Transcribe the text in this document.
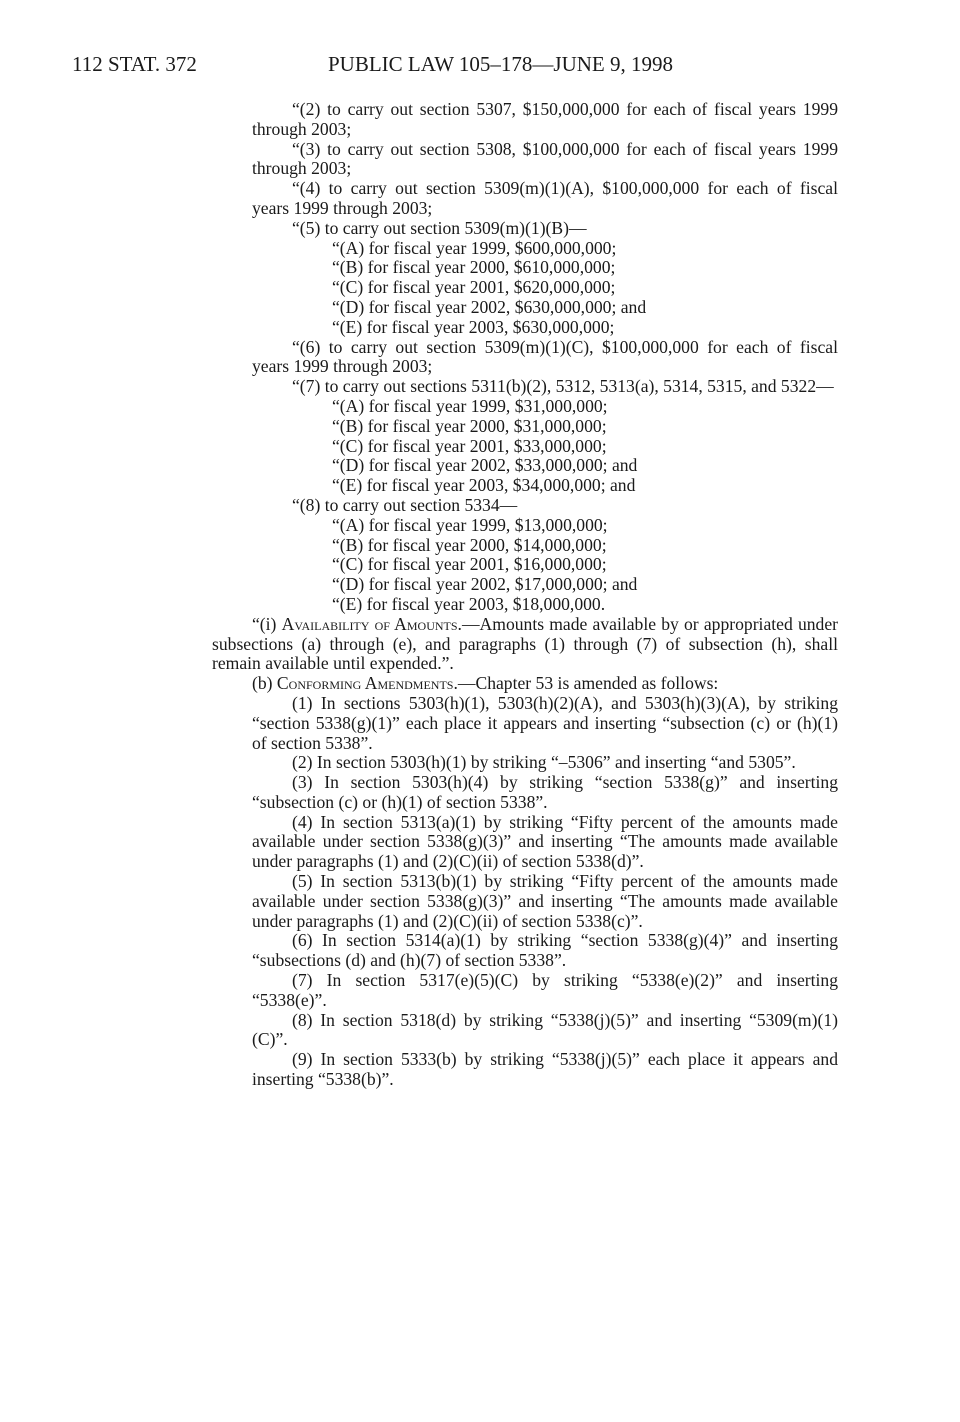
112 STAT. 372	PUBLIC LAW 105–178—JUNE 9, 1998

“(2) to carry out section 5307, $150,000,000 for each of fiscal years 1999 through 2003;

“(3) to carry out section 5308, $100,000,000 for each of fiscal years 1999 through 2003;

“(4) to carry out section 5309(m)(1)(A), $100,000,000 for each of fiscal years 1999 through 2003;

“(5) to carry out section 5309(m)(1)(B)—

“(A) for fiscal year 1999, $600,000,000;

“(B) for fiscal year 2000, $610,000,000;

“(C) for fiscal year 2001, $620,000,000;

“(D) for fiscal year 2002, $630,000,000; and

“(E) for fiscal year 2003, $630,000,000;

“(6) to carry out section 5309(m)(1)(C), $100,000,000 for each of fiscal years 1999 through 2003;

“(7) to carry out sections 5311(b)(2), 5312, 5313(a), 5314, 5315, and 5322—

“(A) for fiscal year 1999, $31,000,000;

“(B) for fiscal year 2000, $31,000,000;

“(C) for fiscal year 2001, $33,000,000;

“(D) for fiscal year 2002, $33,000,000; and

“(E) for fiscal year 2003, $34,000,000; and

“(8) to carry out section 5334—

“(A) for fiscal year 1999, $13,000,000;

“(B) for fiscal year 2000, $14,000,000;

“(C) for fiscal year 2001, $16,000,000;

“(D) for fiscal year 2002, $17,000,000; and

“(E) for fiscal year 2003, $18,000,000.

“(i) Availability of Amounts.—Amounts made available by or appropriated under subsections (a) through (e), and paragraphs (1) through (7) of subsection (h), shall remain available until expended.”.

(b) Conforming Amendments.—Chapter 53 is amended as follows:

(1) In sections 5303(h)(1), 5303(h)(2)(A), and 5303(h)(3)(A), by striking “section 5338(g)(1)” each place it appears and inserting “subsection (c) or (h)(1) of section 5338”.

(2) In section 5303(h)(1) by striking “–5306” and inserting “and 5305”.

(3) In section 5303(h)(4) by striking “section 5338(g)” and inserting “subsection (c) or (h)(1) of section 5338”.

(4) In section 5313(a)(1) by striking “Fifty percent of the amounts made available under section 5338(g)(3)” and inserting “The amounts made available under paragraphs (1) and (2)(C)(ii) of section 5338(d)”.

(5) In section 5313(b)(1) by striking “Fifty percent of the amounts made available under section 5338(g)(3)” and inserting “The amounts made available under paragraphs (1) and (2)(C)(ii) of section 5338(c)”.

(6) In section 5314(a)(1) by striking “section 5338(g)(4)” and inserting “subsections (d) and (h)(7) of section 5338”.

(7) In section 5317(e)(5)(C) by striking “5338(e)(2)” and inserting “5338(e)”.

(8) In section 5318(d) by striking “5338(j)(5)” and inserting “5309(m)(1)(C)”.

(9) In section 5333(b) by striking “5338(j)(5)” each place it appears and inserting “5338(b)”.
